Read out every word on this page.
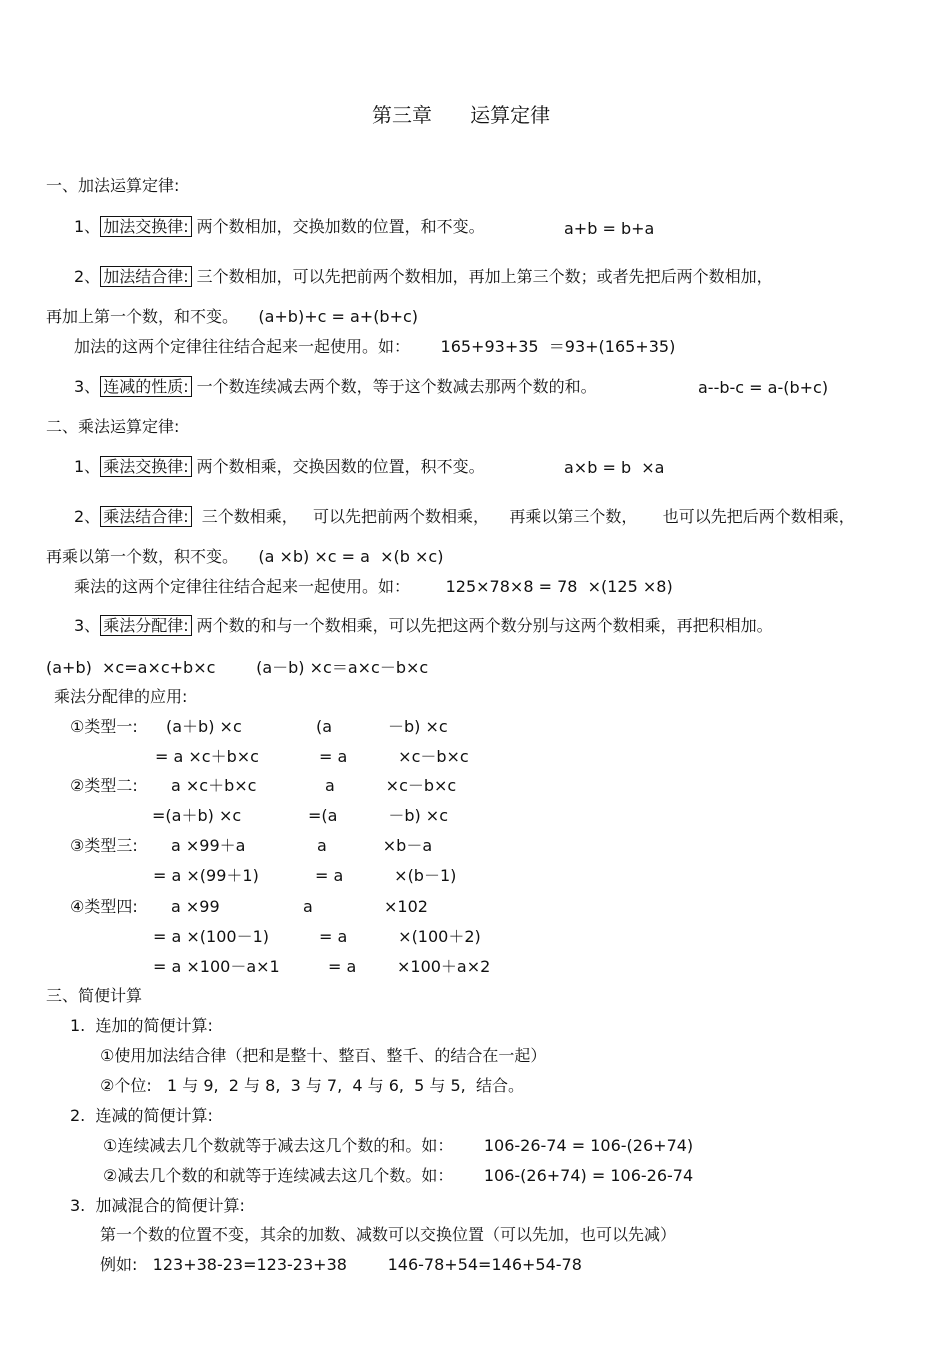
第三章      运算定律
一、加法运算定律:
1、 加法交换律: 两个数相加，交换加数的位置，和不变。	a+b = b+a
2、 加法结合律: 三个数相加，可以先把前两个数相加，再加上第三个数；或者先把后两个数相加，
再加上第一个数，和不变。    (a+b)+c = a+(b+c)
加法的这两个定律往往结合起来一起使用。如：      165+93+35  ＝93+(165+35)
3、 连减的性质: 一个数连续减去两个数，等于这个数减去那两个数的和。	a--b-c = a-(b+c)
二、乘法运算定律:
1、 乘法交换律: 两个数相乘，交换因数的位置，积不变。	a×b = b  ×a
2、 乘法结合律:  三个数相乘，   可以先把前两个数相乘，    再乘以第三个数，     也可以先把后两个数相乘，
再乘以第一个数，积不变。    (a ×b) ×c = a  ×(b ×c)
乘法的这两个定律往往结合起来一起使用。如：       125×78×8 = 78  ×(125 ×8)
3、 乘法分配律: 两个数的和与一个数相乘，可以先把这两个数分别与这两个数相乘，再把积相加。
(a+b)  ×c=a×c+b×c        (a－b) ×c＝a×c－b×c
乘法分配律的应用:
①类型一: (a＋b) ×c	(a           －b) ×c
= a ×c＋b×c	= a          ×c－b×c
②类型二: a ×c＋b×c	a          ×c－b×c
=(a＋b) ×c	=(a          －b) ×c
③类型三: a ×99＋a	a           ×b－a
= a ×(99＋1)	= a          ×(b－1)
④类型四: a ×99	a              ×102
= a ×(100－1)	= a          ×(100＋2)
= a ×100－a×1	= a        ×100＋a×2
三、简便计算
1.  连加的简便计算:
①使用加法结合律（把和是整十、整百、整千、的结合在一起）
②个位:   1 与 9,  2 与 8,  3 与 7,  4 与 6,  5 与 5,  结合。
2.  连减的简便计算:
①连续减去几个数就等于减去这几个数的和。如：      106-26-74 = 106-(26+74)
②减去几个数的和就等于连续减去这几个数。如：      106-(26+74) = 106-26-74
3.  加减混合的简便计算:
第一个数的位置不变，其余的加数、减数可以交换位置（可以先加，也可以先减）
例如:   123+38-23=123-23+38        146-78+54=146+54-78
